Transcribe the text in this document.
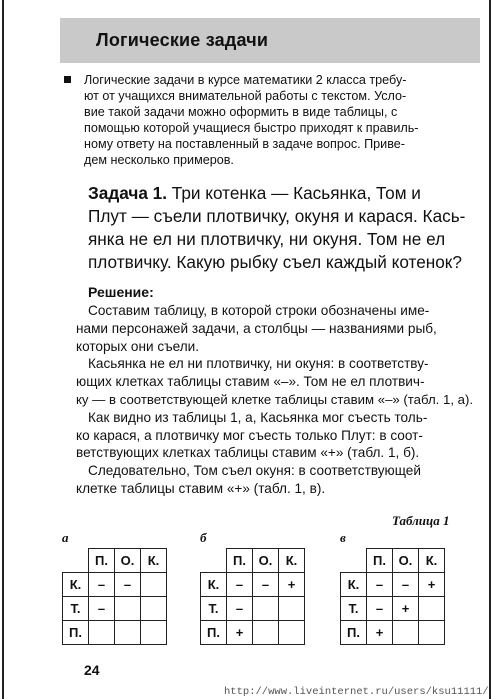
Логические задачи
Логические задачи в курсе математики 2 класса требу-
ют от учащихся внимательной работы с текстом. Усло-
вие такой задачи можно оформить в виде таблицы, с
помощью которой учащиеся быстро приходят к правиль-
ному ответу на поставленный в задаче вопрос. Приве-
дем несколько примеров.
Задача 1. Три котенка — Касьянка, Том и
Плут — съели плотвичку, окуня и карася. Кась-
янка не ел ни плотвичку, ни окуня. Том не ел
плотвичку. Какую рыбку съел каждый котенок?
Решение:
Составим таблицу, в которой строки обозначены име-
нами персонажей задачи, а столбцы — названиями рыб,
которых они съели.
Касьянка не ел ни плотвичку, ни окуня: в соответству-
ющих клетках таблицы ставим «–». Том не ел плотвич-
ку — в соответствующей клетке таблицы ставим «–» (табл. 1, а).
Как видно из таблицы 1, а, Касьянка мог съесть толь-
ко карася, а плотвичку мог съесть только Плут: в соот-
ветствующих клетках таблицы ставим «+» (табл. 1, б).
Следовательно, Том съел окуня: в соответствующей
клетке таблицы ставим «+» (табл. 1, в).
Таблица 1
а	б	в
	П.	О.	К.
К.	–	–	
Т.	–		
П.			
	П.	О.	К.
К.	–	–	+
Т.	–		
П.	+		
	П.	О.	К.
К.	–	–	+
Т.	–	+	
П.	+		
24
http://www.liveinternet.ru/users/ksu11111/
